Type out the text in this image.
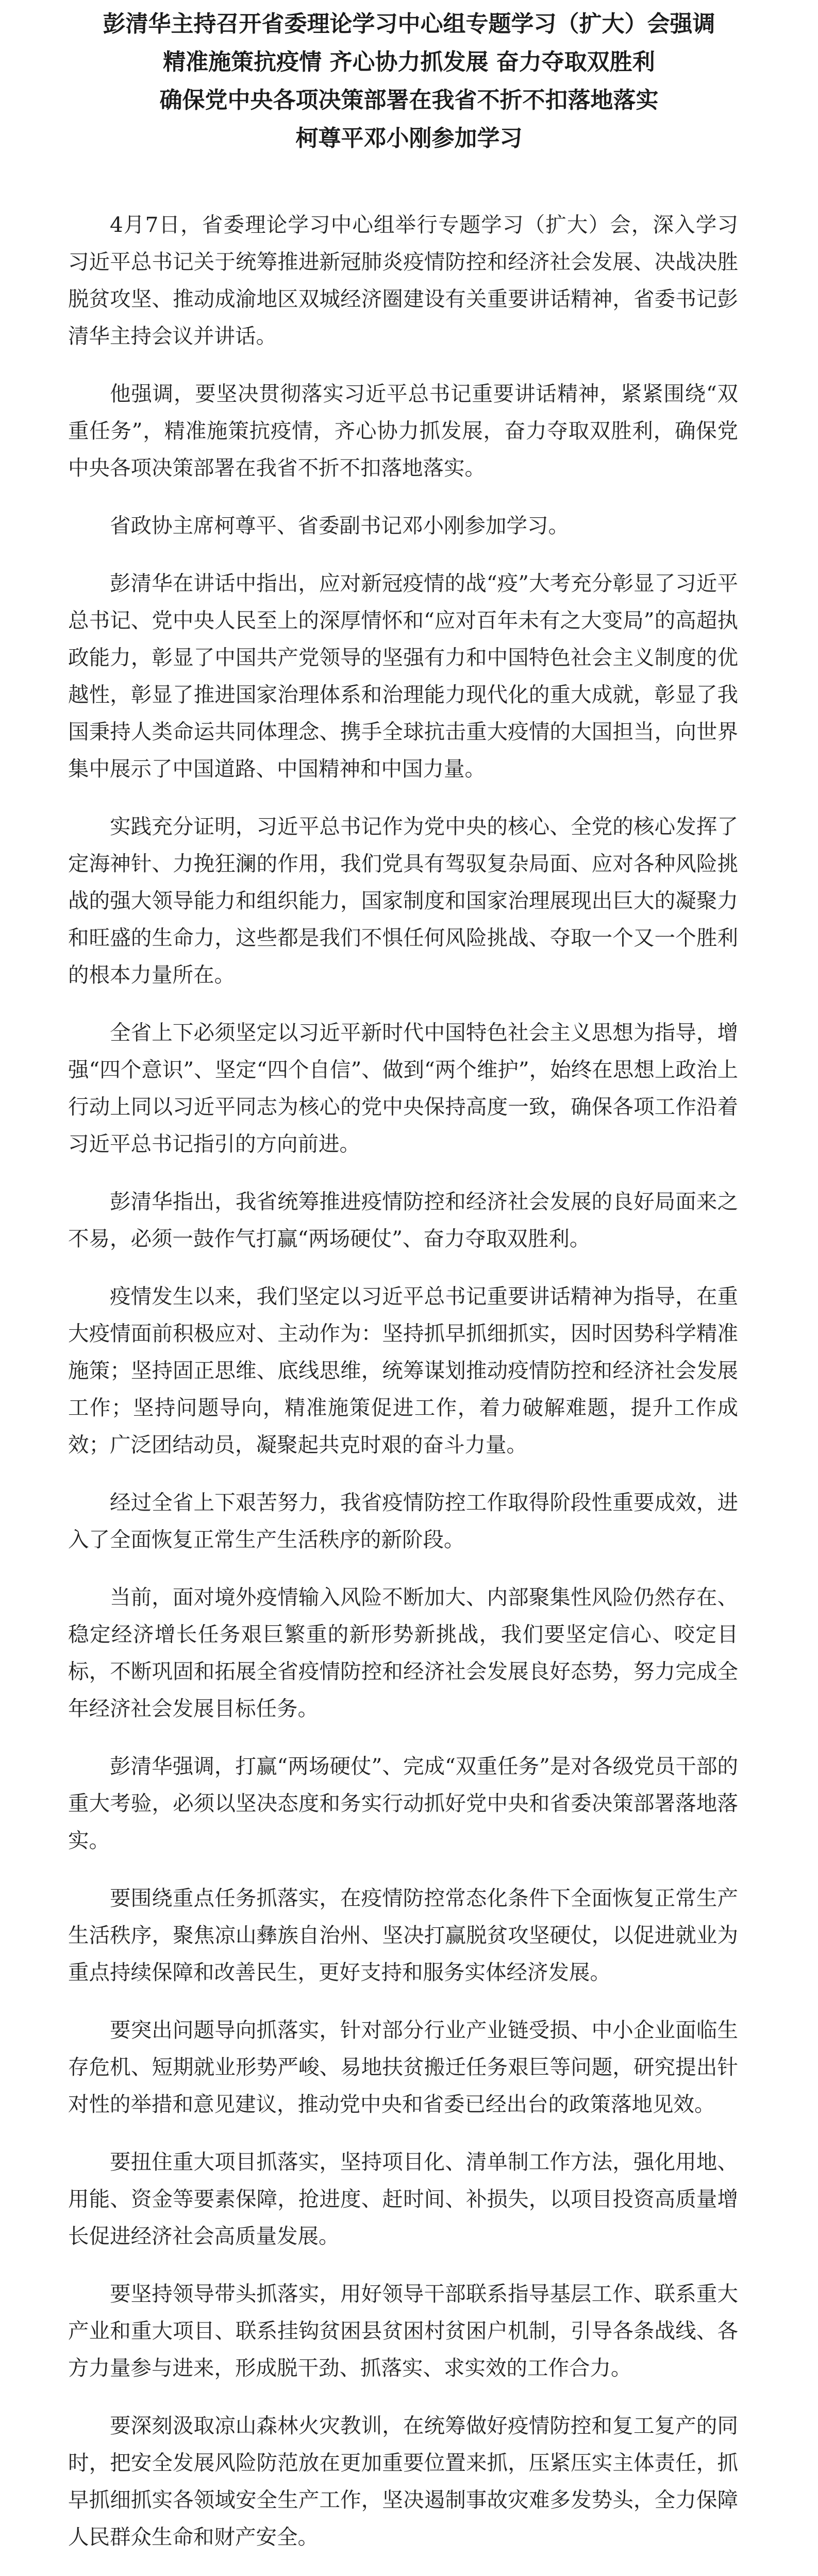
彭清华主持召开省委理论学习中心组专题学习（扩大）会强调
精准施策抗疫情 齐心协力抓发展 奋力夺取双胜利
确保党中央各项决策部署在我省不折不扣落地落实
柯尊平邓小刚参加学习

4月7日，省委理论学习中心组举行专题学习（扩大）会，深入学习习近平总书记关于统筹推进新冠肺炎疫情防控和经济社会发展、决战决胜脱贫攻坚、推动成渝地区双城经济圈建设有关重要讲话精神，省委书记彭清华主持会议并讲话。

他强调，要坚决贯彻落实习近平总书记重要讲话精神，紧紧围绕“双重任务”，精准施策抗疫情，齐心协力抓发展，奋力夺取双胜利，确保党中央各项决策部署在我省不折不扣落地落实。

省政协主席柯尊平、省委副书记邓小刚参加学习。

彭清华在讲话中指出，应对新冠疫情的战“疫”大考充分彰显了习近平总书记、党中央人民至上的深厚情怀和“应对百年未有之大变局”的高超执政能力，彰显了中国共产党领导的坚强有力和中国特色社会主义制度的优越性，彰显了推进国家治理体系和治理能力现代化的重大成就，彰显了我国秉持人类命运共同体理念、携手全球抗击重大疫情的大国担当，向世界集中展示了中国道路、中国精神和中国力量。

实践充分证明，习近平总书记作为党中央的核心、全党的核心发挥了定海神针、力挽狂澜的作用，我们党具有驾驭复杂局面、应对各种风险挑战的强大领导能力和组织能力，国家制度和国家治理展现出巨大的凝聚力和旺盛的生命力，这些都是我们不惧任何风险挑战、夺取一个又一个胜利的根本力量所在。

全省上下必须坚定以习近平新时代中国特色社会主义思想为指导，增强“四个意识”、坚定“四个自信”、做到“两个维护”，始终在思想上政治上行动上同以习近平同志为核心的党中央保持高度一致，确保各项工作沿着习近平总书记指引的方向前进。

彭清华指出，我省统筹推进疫情防控和经济社会发展的良好局面来之不易，必须一鼓作气打赢“两场硬仗”、奋力夺取双胜利。

疫情发生以来，我们坚定以习近平总书记重要讲话精神为指导，在重大疫情面前积极应对、主动作为：坚持抓早抓细抓实，因时因势科学精准施策；坚持固正思维、底线思维，统筹谋划推动疫情防控和经济社会发展工作；坚持问题导向，精准施策促进工作，着力破解难题，提升工作成效；广泛团结动员，凝聚起共克时艰的奋斗力量。

经过全省上下艰苦努力，我省疫情防控工作取得阶段性重要成效，进入了全面恢复正常生产生活秩序的新阶段。

当前，面对境外疫情输入风险不断加大、内部聚集性风险仍然存在、稳定经济增长任务艰巨繁重的新形势新挑战，我们要坚定信心、咬定目标，不断巩固和拓展全省疫情防控和经济社会发展良好态势，努力完成全年经济社会发展目标任务。

彭清华强调，打赢“两场硬仗”、完成“双重任务”是对各级党员干部的重大考验，必须以坚决态度和务实行动抓好党中央和省委决策部署落地落实。

要围绕重点任务抓落实，在疫情防控常态化条件下全面恢复正常生产生活秩序，聚焦凉山彝族自治州、坚决打赢脱贫攻坚硬仗，以促进就业为重点持续保障和改善民生，更好支持和服务实体经济发展。

要突出问题导向抓落实，针对部分行业产业链受损、中小企业面临生存危机、短期就业形势严峻、易地扶贫搬迁任务艰巨等问题，研究提出针对性的举措和意见建议，推动党中央和省委已经出台的政策落地见效。

要扭住重大项目抓落实，坚持项目化、清单制工作方法，强化用地、用能、资金等要素保障，抢进度、赶时间、补损失，以项目投资高质量增长促进经济社会高质量发展。

要坚持领导带头抓落实，用好领导干部联系指导基层工作、联系重大产业和重大项目、联系挂钩贫困县贫困村贫困户机制，引导各条战线、各方力量参与进来，形成脱干劲、抓落实、求实效的工作合力。

要深刻汲取凉山森林火灾教训，在统筹做好疫情防控和复工复产的同时，把安全发展风险防范放在更加重要位置来抓，压紧压实主体责任，抓早抓细抓实各领域安全生产工作，坚决遏制事故灾难多发势头，全力保障人民群众生命和财产安全。
